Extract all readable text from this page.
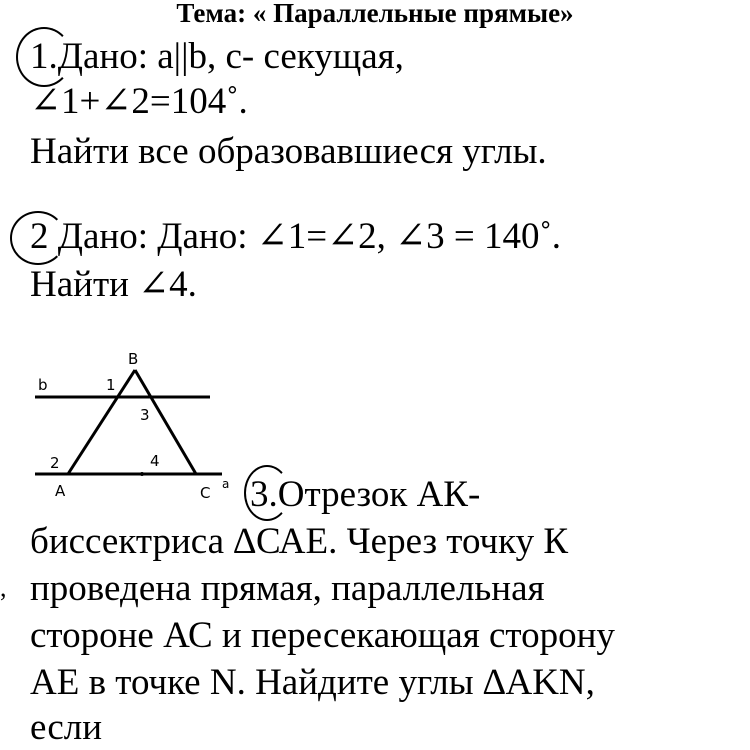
Тема: « Параллельные прямые»
1.
Дано: a||b, c- секущая,
∠1+∠2=104˚.
Найти все образовавшиеся углы.
2 Дано: Дано: ∠1=∠2, ∠3 = 140˚.
Найти ∠4.
B
b	1
3
2	4
A	C a 3.
Отрезок АК-
биссектриса ∆САЕ. Через точку К
проведена прямая, параллельная
стороне АС и пересекающая сторону
АЕ в точке N. Найдите углы ∆AKN,
если
,
